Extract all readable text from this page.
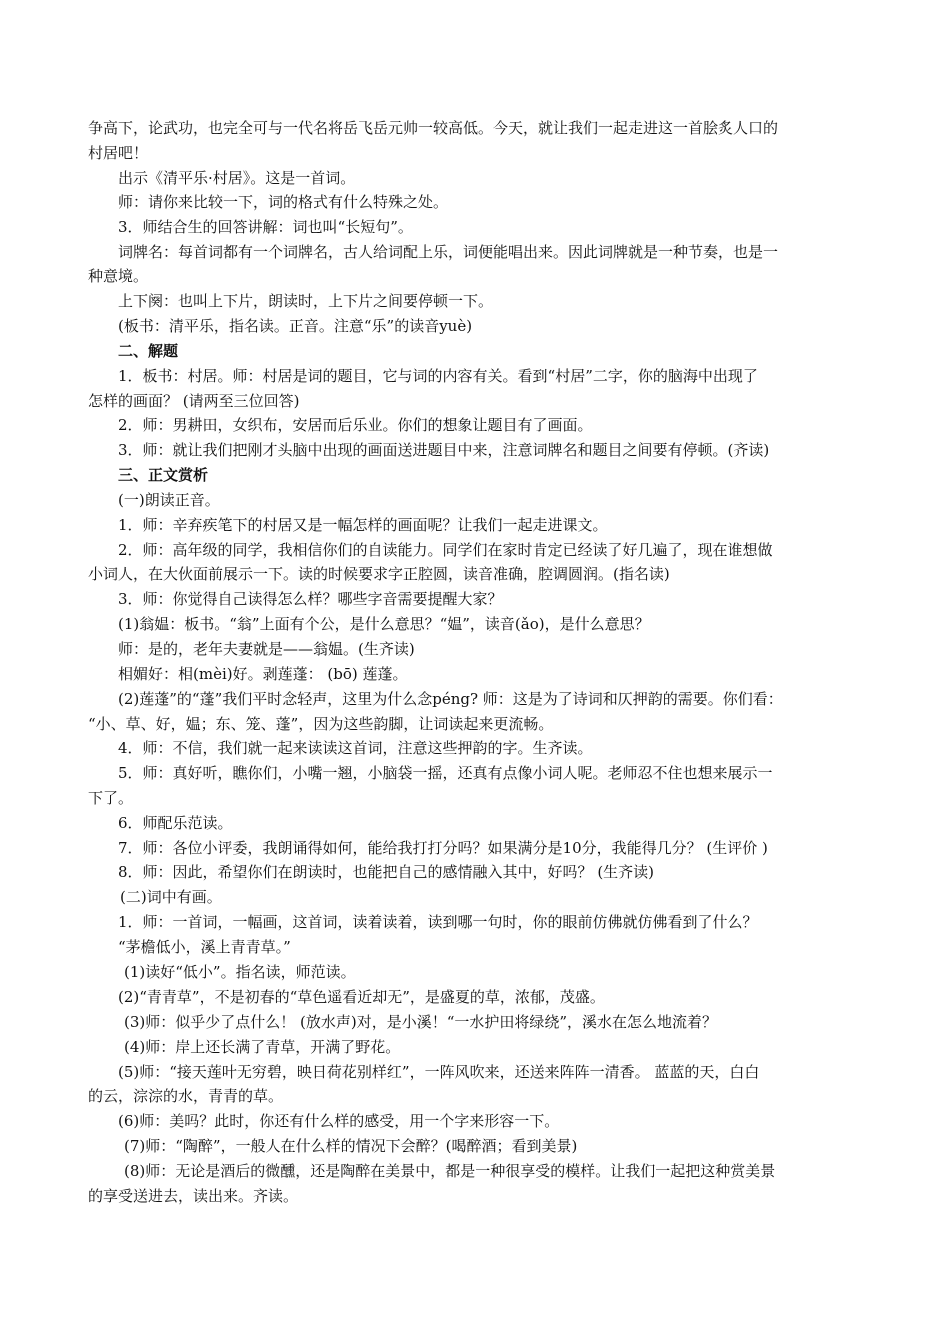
争高下，论武功，也完全可与一代名将岳飞岳元帅一较高低。今天，就让我们一起走进这一首脍炙人口的
村居吧！
出示《清平乐·村居》。这是一首词。
师：请你来比较一下，词的格式有什么特殊之处。
3．师结合生的回答讲解：词也叫“长短句”。
词牌名：每首词都有一个词牌名，古人给词配上乐，词便能唱出来。因此词牌就是一种节奏，也是一
种意境。
上下阕：也叫上下片，朗读时，上下片之间要停顿一下。
(板书：清平乐，指名读。正音。注意“乐”的读音yuè)
二、解题
1．板书：村居。师：村居是词的题目，它与词的内容有关。看到“村居”二字，你的脑海中出现了
怎样的画面？ (请两至三位回答)
2．师：男耕田，女织布，安居而后乐业。你们的想象让题目有了画面。
3．师：就让我们把刚才头脑中出现的画面送进题目中来，注意词牌名和题目之间要有停顿。(齐读)
三、正文赏析
(一)朗读正音。
1．师：辛弃疾笔下的村居又是一幅怎样的画面呢？让我们一起走进课文。
2．师：高年级的同学，我相信你们的自读能力。同学们在家时肯定已经读了好几遍了，现在谁想做
小词人，在大伙面前展示一下。读的时候要求字正腔圆，读音准确，腔调圆润。(指名读)
3．师：你觉得自己读得怎么样？哪些字音需要提醒大家？
(1)翁媪：板书。“翁”上面有个公，是什么意思？“媪”，读音(ǎo)，是什么意思？
师：是的，老年夫妻就是——翁媪。(生齐读)
相媚好：相(mèi)好。剥莲蓬： (bō) 莲蓬。
(2)莲蓬”的“蓬”我们平时念轻声，这里为什么念péng? 师：这是为了诗词和仄押韵的需要。你们看：
“小、草、好，媪；东、笼、蓬”，因为这些韵脚，让词读起来更流畅。
4．师：不信，我们就一起来读读这首词，注意这些押韵的字。生齐读。
5．师：真好听，瞧你们，小嘴一翘，小脑袋一摇，还真有点像小词人呢。老师忍不住也想来展示一
下了。
6．师配乐范读。
7．师：各位小评委，我朗诵得如何，能给我打打分吗？如果满分是10分，我能得几分？ (生评价 )
8．师：因此，希望你们在朗读时，也能把自己的感情融入其中，好吗？ (生齐读)
(二)词中有画。
1．师：一首词，一幅画，这首词，读着读着，读到哪一句时，你的眼前仿佛就仿佛看到了什么？
“茅檐低小，溪上青青草。”
(1)读好“低小”。指名读，师范读。
(2)“青青草”，不是初春的“草色遥看近却无”，是盛夏的草，浓郁，茂盛。
(3)师：似乎少了点什么！ (放水声)对，是小溪！“一水护田将绿绕”，溪水在怎么地流着？
(4)师：岸上还长满了青草，开满了野花。
(5)师：“接天莲叶无穷碧，映日荷花别样红”，一阵风吹来，还送来阵阵一清香。 蓝蓝的天，白白
的云，淙淙的水，青青的草。
(6)师：美吗？此时，你还有什么样的感受，用一个字来形容一下。
(7)师：“陶醉”，一般人在什么样的情况下会醉？(喝醉酒；看到美景)
(8)师：无论是酒后的微醺，还是陶醉在美景中，都是一种很享受的模样。让我们一起把这种赏美景
的享受送进去，读出来。齐读。
